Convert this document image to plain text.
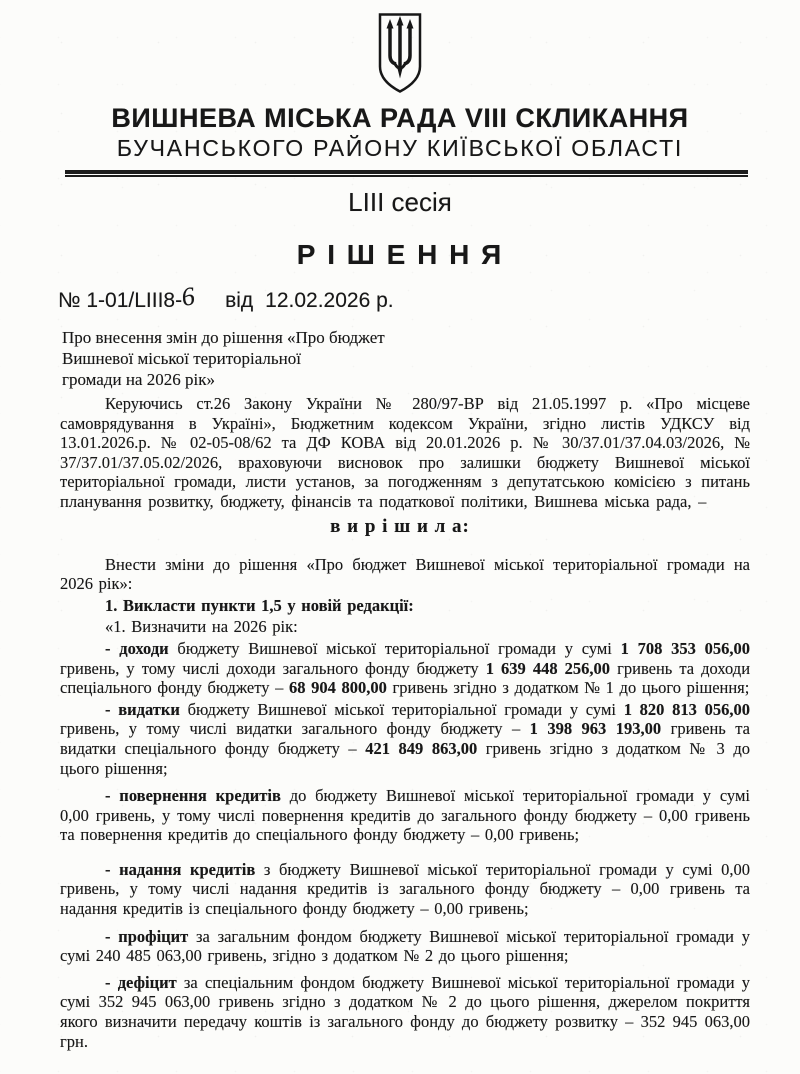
ВИШНЕВА МІСЬКА РАДА VIII СКЛИКАННЯ
БУЧАНСЬКОГО РАЙОНУ КИЇВСЬКОЇ ОБЛАСТІ
LIII сесія
Р І Ш Е Н Н Я
№ 1-01/LIII8-6 від 12.02.2026 р.
Про внесення змін до рішення «Про бюджет
Вишневої міської територіальної
громади на 2026 рік»

Керуючись ст.26 Закону України № 280/97-ВР від 21.05.1997 р. «Про місцеве самоврядування в Україні», Бюджетним кодексом України, згідно листів УДКСУ від 13.01.2026.р. № 02-05-08/62 та ДФ КОВА від 20.01.2026 р. № 30/37.01/37.04.03/2026, № 37/37.01/37.05.02/2026, враховуючи висновок про залишки бюджету Вишневої міської територіальної громади, листи установ, за погодженням з депутатською комісією з питань планування розвитку, бюджету, фінансів та податкової політики, Вишнева міська рада, –

в и р і ш и л а:

Внести зміни до рішення «Про бюджет Вишневої міської територіальної громади на 2026 рік»:

1. Викласти пункти 1,5 у новій редакції:

«1. Визначити на 2026 рік:

- доходи бюджету Вишневої міської територіальної громади у сумі 1 708 353 056,00 гривень, у тому числі доходи загального фонду бюджету 1 639 448 256,00 гривень та доходи спеціального фонду бюджету – 68 904 800,00 гривень згідно з додатком № 1 до цього рішення;

- видатки бюджету Вишневої міської територіальної громади у сумі 1 820 813 056,00 гривень, у тому числі видатки загального фонду бюджету – 1 398 963 193,00 гривень та видатки спеціального фонду бюджету – 421 849 863,00 гривень згідно з додатком № 3 до цього рішення;

- повернення кредитів до бюджету Вишневої міської територіальної громади у сумі 0,00 гривень, у тому числі повернення кредитів до загального фонду бюджету – 0,00 гривень та повернення кредитів до спеціального фонду бюджету – 0,00 гривень;

- надання кредитів з бюджету Вишневої міської територіальної громади у сумі 0,00 гривень, у тому числі надання кредитів із загального фонду бюджету – 0,00 гривень та надання кредитів із спеціального фонду бюджету – 0,00 гривень;

- профіцит за загальним фондом бюджету Вишневої міської територіальної громади у сумі 240 485 063,00 гривень, згідно з додатком № 2 до цього рішення;

- дефіцит за спеціальним фондом бюджету Вишневої міської територіальної громади у сумі 352 945 063,00 гривень згідно з додатком № 2 до цього рішення, джерелом покриття якого визначити передачу коштів із загального фонду до бюджету розвитку – 352 945 063,00 грн.
